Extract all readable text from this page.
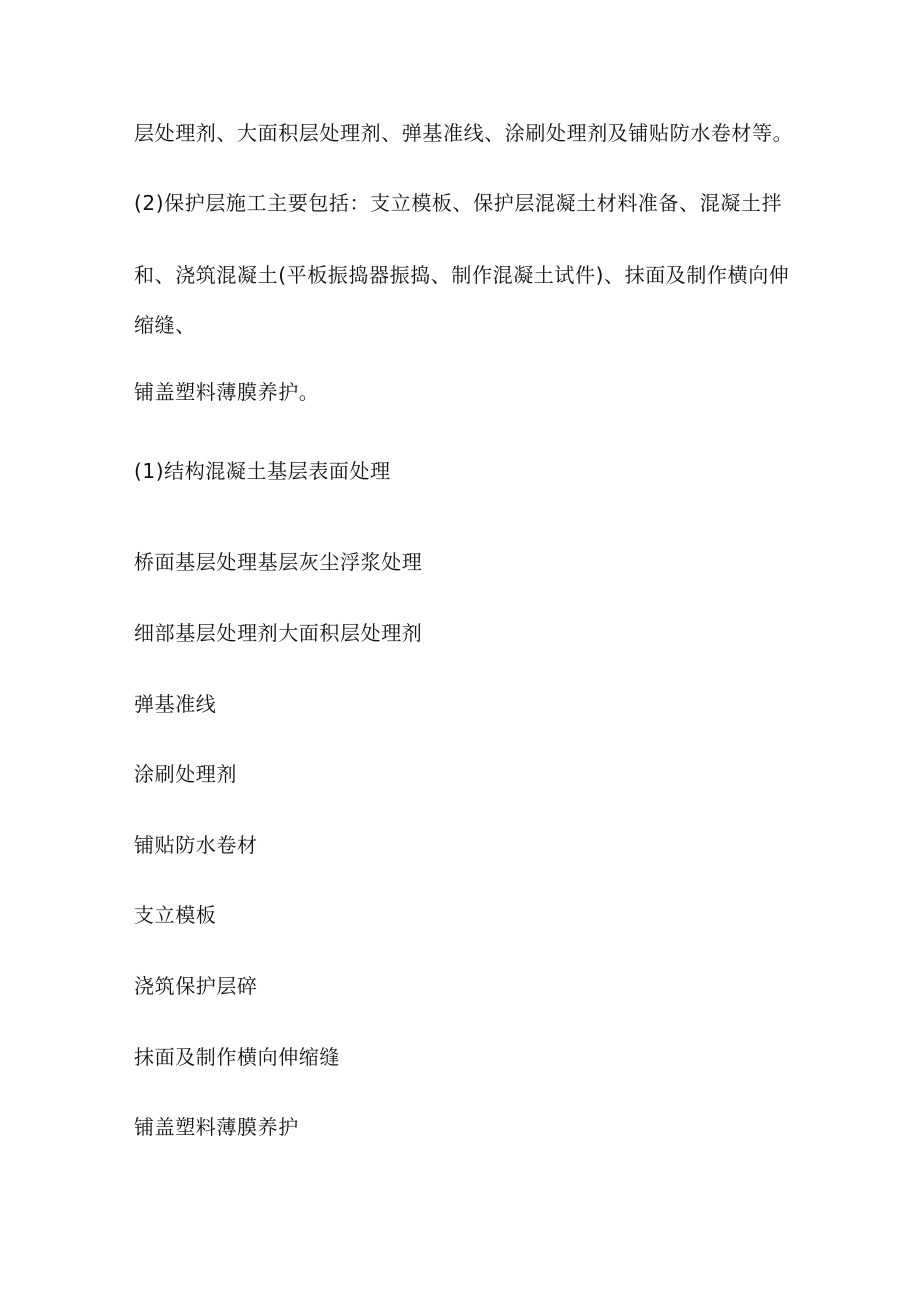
层处理剂、大面积层处理剂、弹基准线、涂刷处理剂及铺贴防水卷材等。
(2)保护层施工主要包括：支立模板、保护层混凝土材料准备、混凝土拌
和、浇筑混凝土(平板振捣器振捣、制作混凝土试件)、抹面及制作横向伸
缩缝、
铺盖塑料薄膜养护。
(1)结构混凝土基层表面处理
桥面基层处理基层灰尘浮浆处理
细部基层处理剂大面积层处理剂
弹基准线
涂刷处理剂
铺贴防水卷材
支立模板
浇筑保护层碎
抹面及制作横向伸缩缝
铺盖塑料薄膜养护
